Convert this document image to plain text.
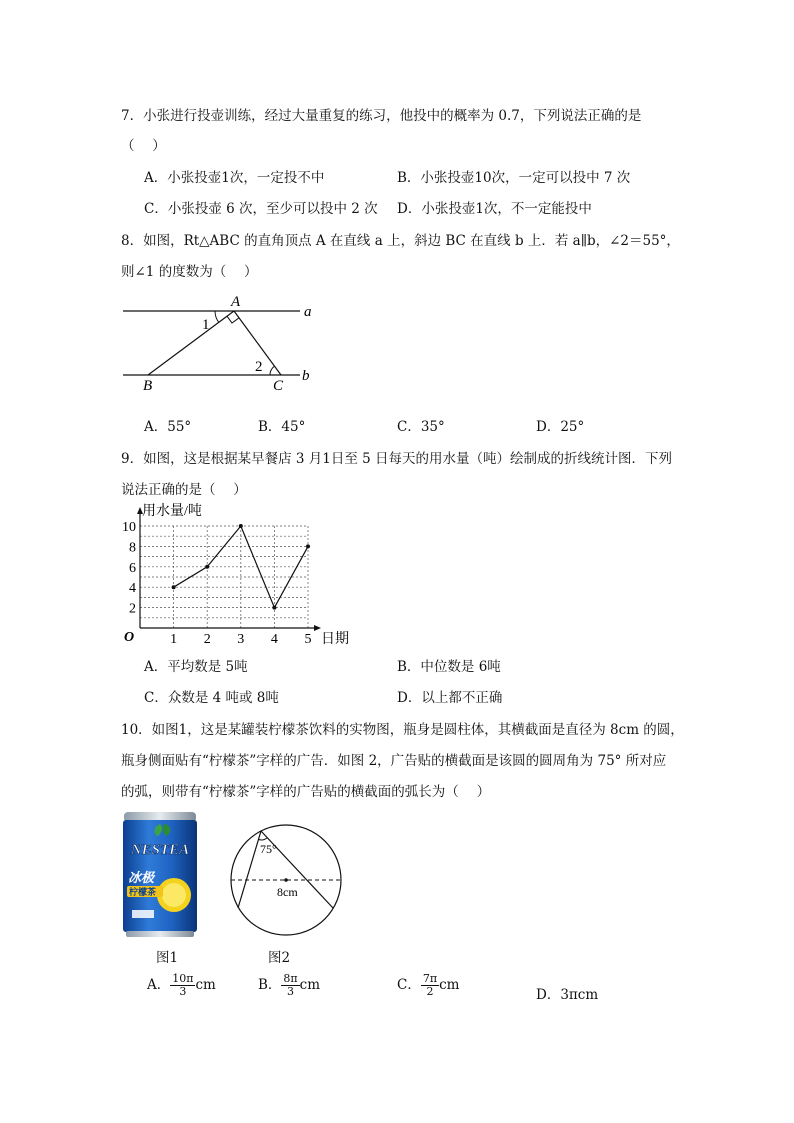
7．小张进行投壶训练，经过大量重复的练习，他投中的概率为 0.7，下列说法正确的是
（　 ）
A．小张投壶1次，一定投不中	B．小张投壶10次，一定可以投中 7 次
C．小张投壶 6 次，至少可以投中 2 次 D．小张投壶1次，不一定能投中
8．如图，Rt△ABC 的直角顶点 A 在直线 a 上，斜边 BC 在直线 b 上．若 a∥b，∠2＝55°，
则∠1 的度数为（　 ）
A
B	C
a
b
1
2
A．55°	B．45°	C．35°	D．25°
9．如图，这是根据某早餐店 3 月1日至 5 日每天的用水量（吨）绘制成的折线统计图．下列
说法正确的是（　 ）
1 2 3 4 5
2
4
6
8
10
用水量/吨
日期
O
A．平均数是 5吨	B．中位数是 6吨
C．众数是 4 吨或 8吨	D．以上都不正确
10．如图1，这是某罐装柠檬茶饮料的实物图，瓶身是圆柱体，其横截面是直径为 8cm 的圆，
瓶身侧面贴有“柠檬茶”字样的广告．如图 2，广告贴的横截面是该圆的圆周角为 75° 所对应
的弧，则带有“柠檬茶”字样的广告贴的横截面的弧长为（　 ）
NESTEA
冰极
柠檬茶
图1
75°
8cm
图2
A． $\frac{10\pi}{3}$ cm	B． $\frac{8\pi}{3}$ cm	C． $\frac{7\pi}{2}$ cm
D．3πcm
